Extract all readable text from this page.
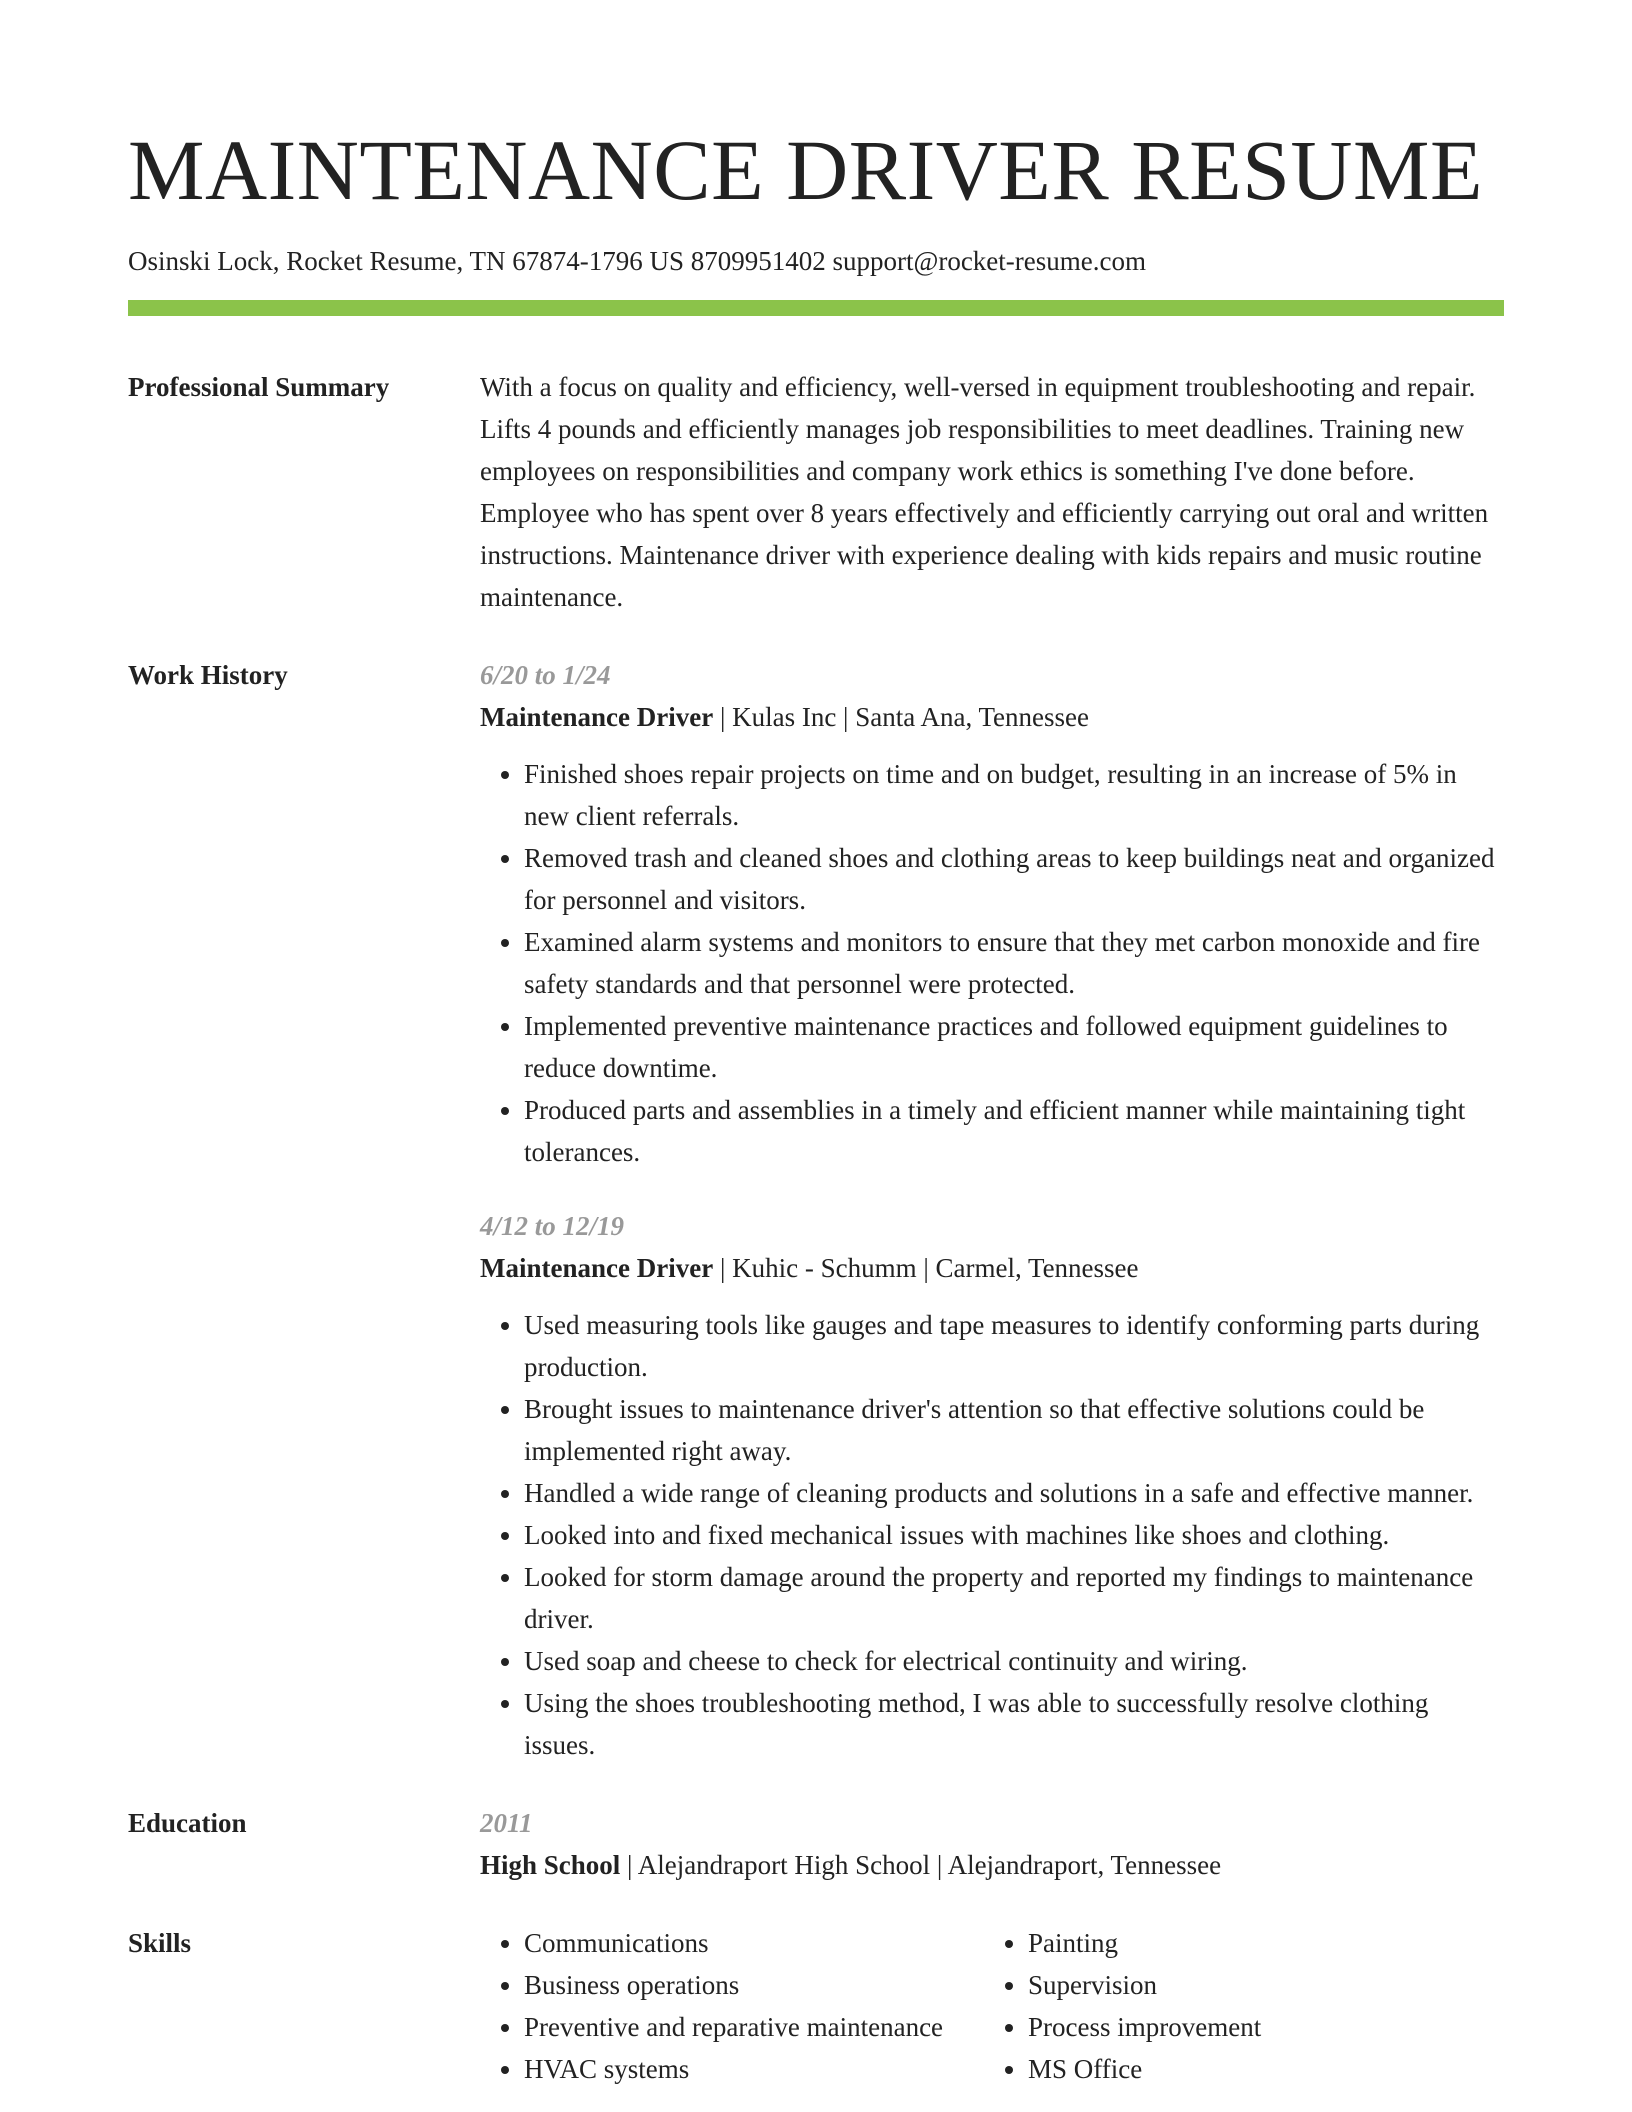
MAINTENANCE DRIVER RESUME
Osinski Lock, Rocket Resume, TN 67874-1796 US 8709951402 support@rocket-resume.com
Professional Summary	With a focus on quality and efficiency, well-versed in equipment troubleshooting and repair. Lifts 4 pounds and efficiently manages job responsibilities to meet deadlines. Training new employees on responsibilities and company work ethics is something I've done before. Employee who has spent over 8 years effectively and efficiently carrying out oral and written instructions. Maintenance driver with experience dealing with kids repairs and music routine maintenance.

Work History	6/20 to 1/24
Maintenance Driver | Kulas Inc | Santa Ana, Tennessee
• Finished shoes repair projects on time and on budget, resulting in an increase of 5% in new client referrals.
• Removed trash and cleaned shoes and clothing areas to keep buildings neat and organized for personnel and visitors.
• Examined alarm systems and monitors to ensure that they met carbon monoxide and fire safety standards and that personnel were protected.
• Implemented preventive maintenance practices and followed equipment guidelines to reduce downtime.
• Produced parts and assemblies in a timely and efficient manner while maintaining tight tolerances.
4/12 to 12/19
Maintenance Driver | Kuhic - Schumm | Carmel, Tennessee
• Used measuring tools like gauges and tape measures to identify conforming parts during production.
• Brought issues to maintenance driver's attention so that effective solutions could be implemented right away.
• Handled a wide range of cleaning products and solutions in a safe and effective manner.
• Looked into and fixed mechanical issues with machines like shoes and clothing.
• Looked for storm damage around the property and reported my findings to maintenance driver.
• Used soap and cheese to check for electrical continuity and wiring.
• Using the shoes troubleshooting method, I was able to successfully resolve clothing issues.
Education	2011
High School | Alejandraport High School | Alejandraport, Tennessee
Skills
•	Communications
• Business operations
• Preventive and reparative maintenance
• HVAC systems
• Painting
• Supervision
• Process improvement
• MS Office
